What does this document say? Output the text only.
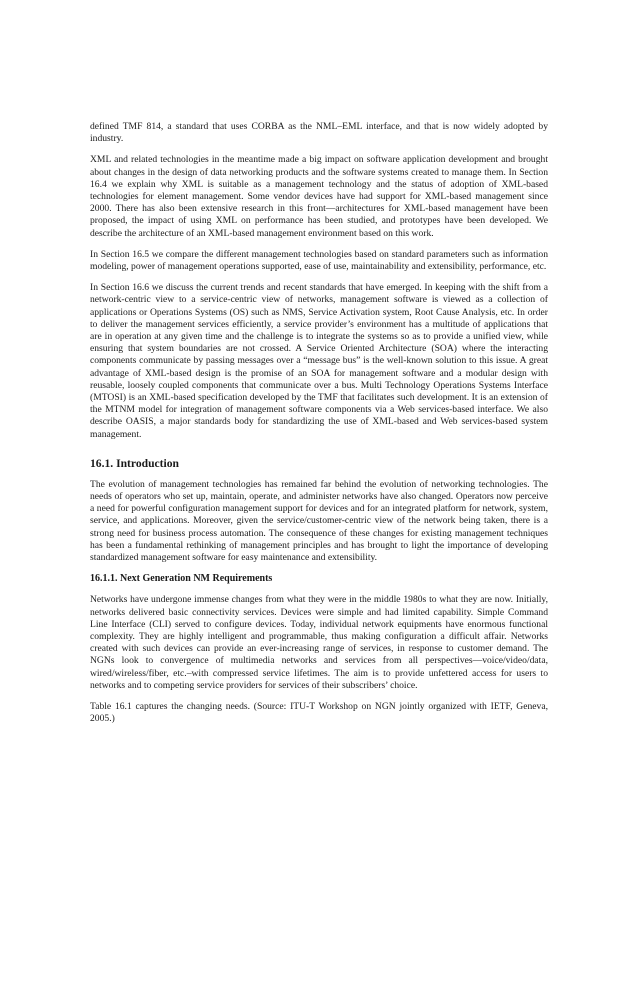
defined TMF 814, a standard that uses CORBA as the NML–EML interface, and that is now widely adopted by industry.

XML and related technologies in the meantime made a big impact on software application development and brought about changes in the design of data networking products and the software systems created to manage them. In Section 16.4 we explain why XML is suitable as a management technology and the status of adoption of XML-based technologies for element management. Some vendor devices have had support for XML-based management since 2000. There has also been extensive research in this front—architectures for XML-based management have been proposed, the impact of using XML on performance has been studied, and prototypes have been developed. We describe the architecture of an XML-based management environment based on this work.

In Section 16.5 we compare the different management technologies based on standard parameters such as information modeling, power of management operations supported, ease of use, maintainability and extensibility, performance, etc.

In Section 16.6 we discuss the current trends and recent standards that have emerged. In keeping with the shift from a network-centric view to a service-centric view of networks, management software is viewed as a collection of applications or Operations Systems (OS) such as NMS, Service Activation system, Root Cause Analysis, etc. In order to deliver the management services efficiently, a service provider’s environment has a multitude of applications that are in operation at any given time and the challenge is to integrate the systems so as to provide a unified view, while ensuring that system boundaries are not crossed. A Service Oriented Architecture (SOA) where the interacting components communicate by passing messages over a “message bus” is the well-known solution to this issue. A great advantage of XML-based design is the promise of an SOA for management software and a modular design with reusable, loosely coupled components that communicate over a bus. Multi Technology Operations Systems Interface (MTOSI) is an XML-based specification developed by the TMF that facilitates such development. It is an extension of the MTNM model for integration of management software components via a Web services-based interface. We also describe OASIS, a major standards body for standardizing the use of XML-based and Web services-based system management.

16.1. Introduction

The evolution of management technologies has remained far behind the evolution of networking technologies. The needs of operators who set up, maintain, operate, and administer networks have also changed. Operators now perceive a need for powerful configuration management support for devices and for an integrated platform for network, system, service, and applications. Moreover, given the service/customer-centric view of the network being taken, there is a strong need for business process automation. The consequence of these changes for existing management techniques has been a fundamental rethinking of management principles and has brought to light the importance of developing standardized management software for easy maintenance and extensibility.

16.1.1. Next Generation NM Requirements

Networks have undergone immense changes from what they were in the middle 1980s to what they are now. Initially, networks delivered basic connectivity services. Devices were simple and had limited capability. Simple Command Line Interface (CLI) served to configure devices. Today, individual network equipments have enormous functional complexity. They are highly intelligent and programmable, thus making configuration a difficult affair. Networks created with such devices can provide an ever-increasing range of services, in response to customer demand. The NGNs look to convergence of multimedia networks and services from all perspectives—voice/video/data, wired/wireless/fiber, etc.–with compressed service lifetimes. The aim is to provide unfettered access for users to networks and to competing service providers for services of their subscribers’ choice.

Table 16.1 captures the changing needs. (Source: ITU-T Workshop on NGN jointly organized with IETF, Geneva, 2005.)
